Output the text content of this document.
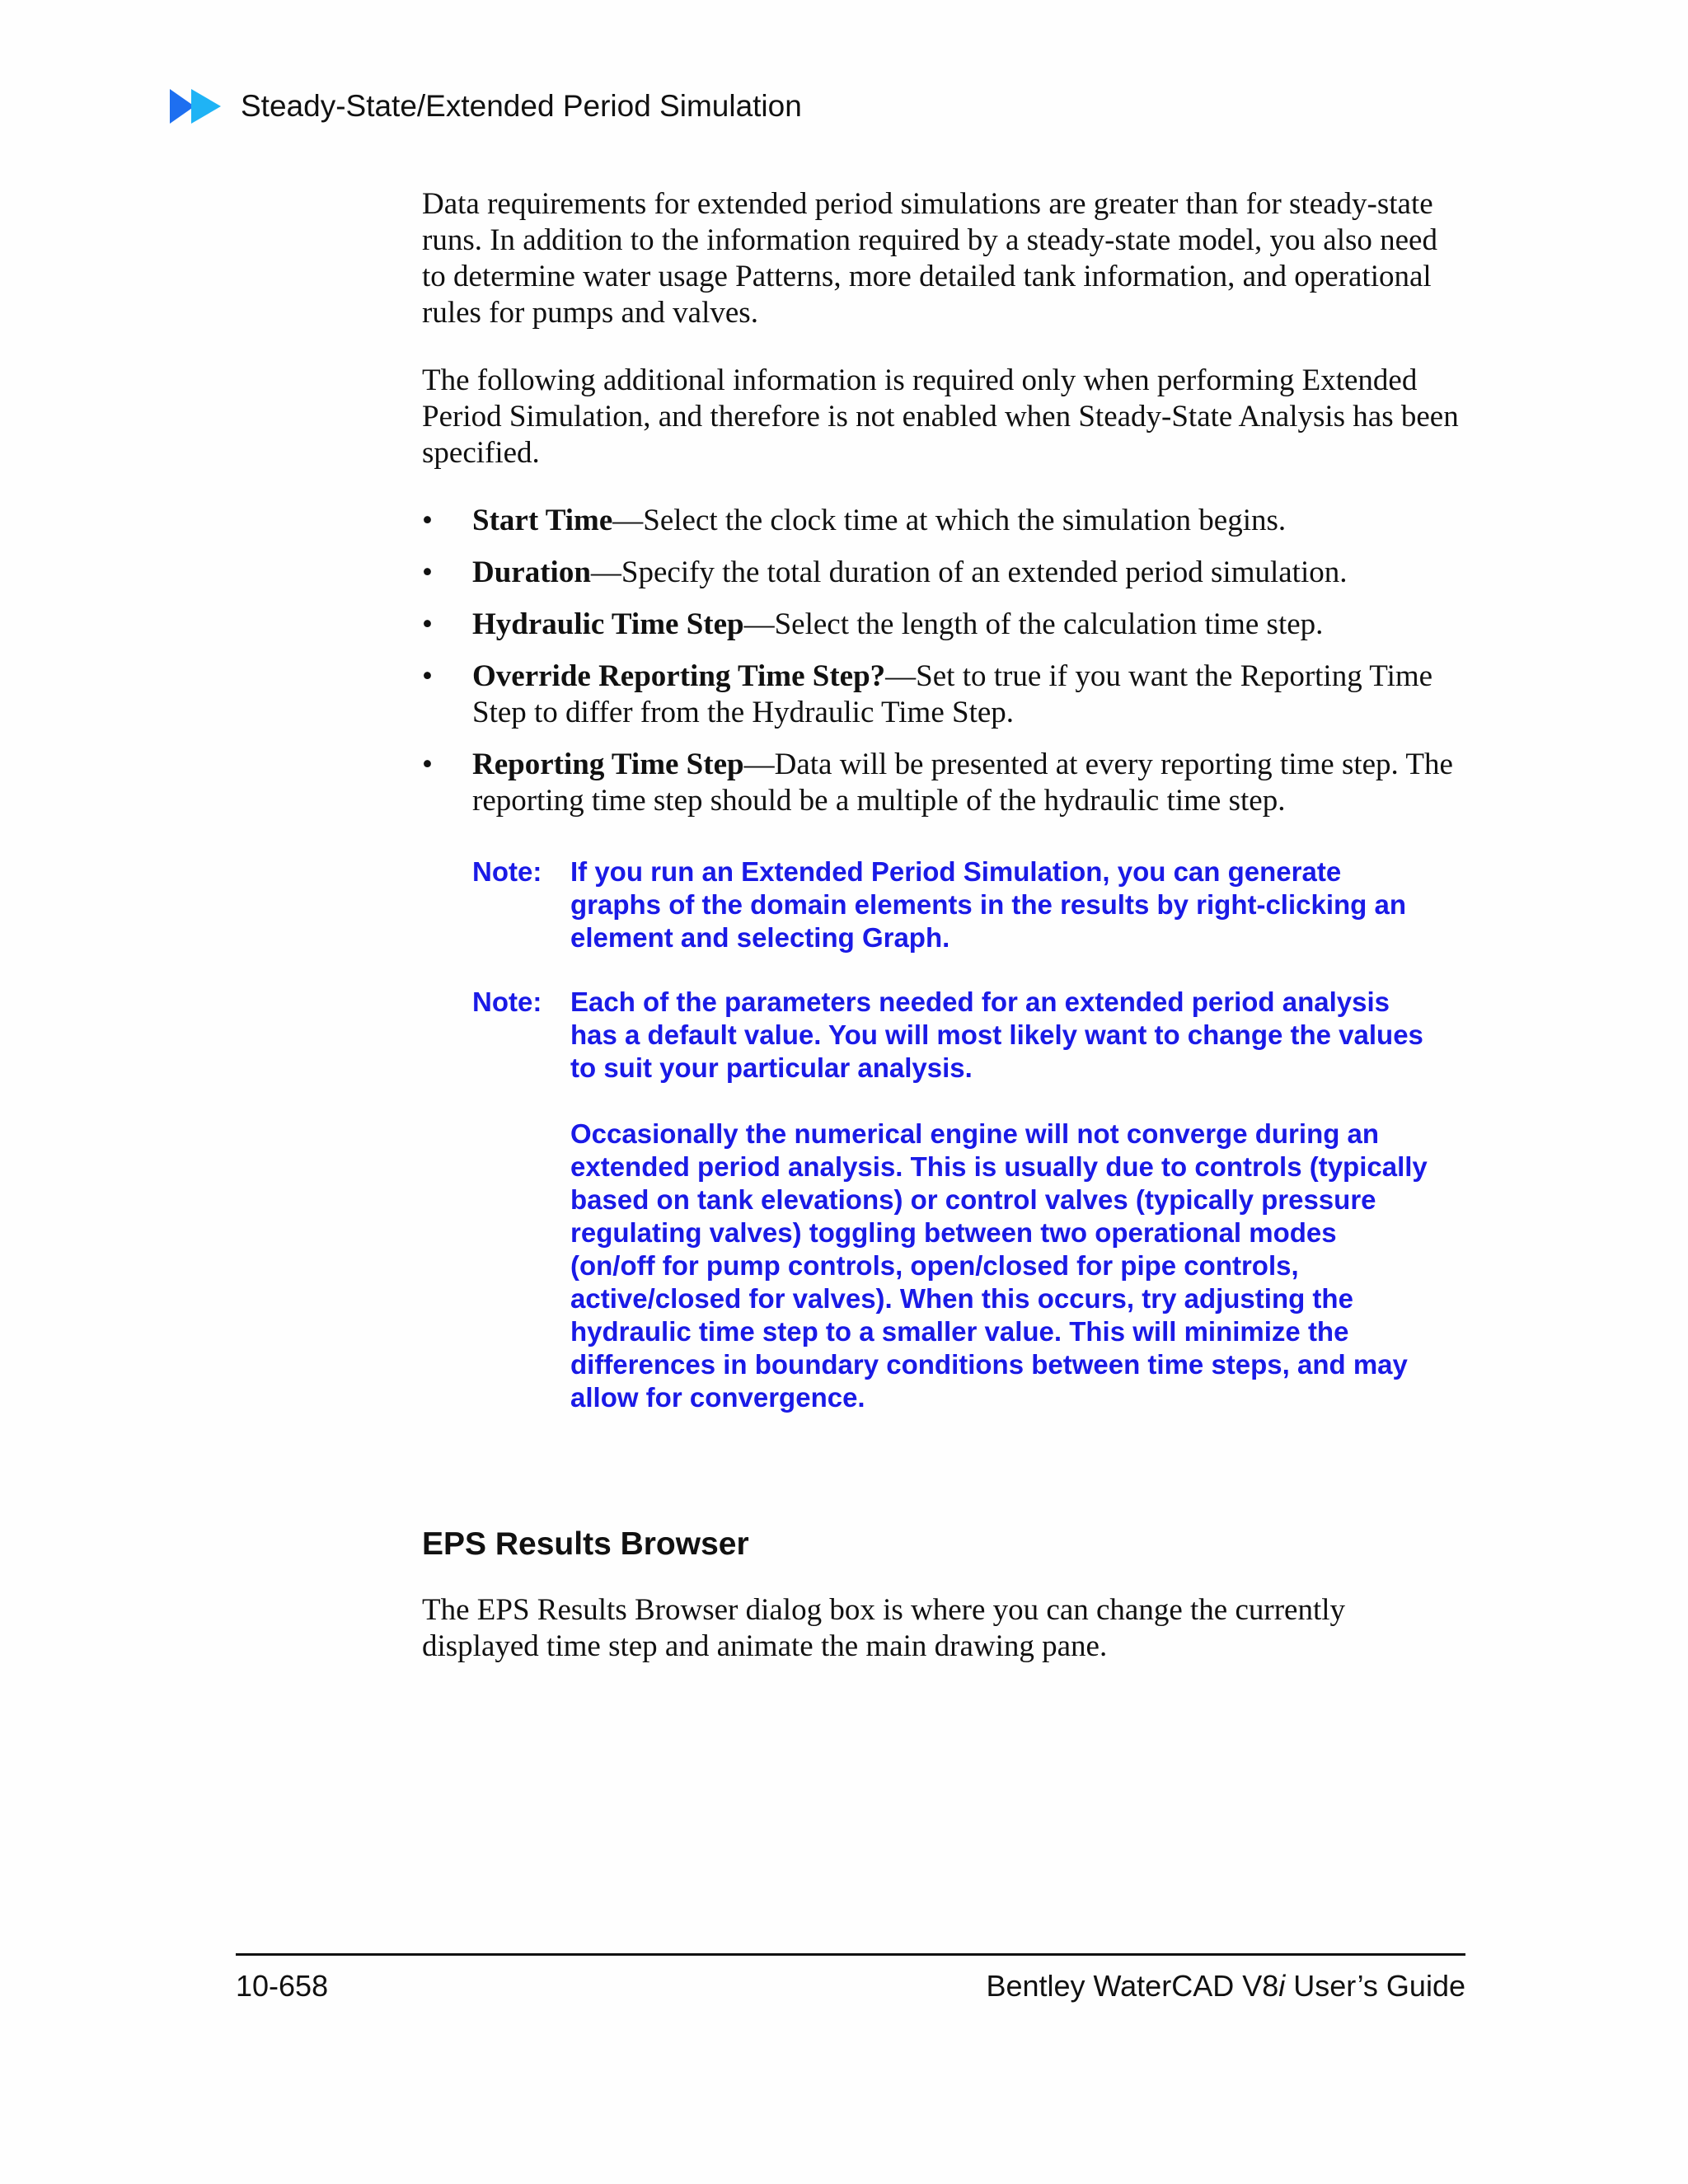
Steady-State/Extended Period Simulation

Data requirements for extended period simulations are greater than for steady-state runs. In addition to the information required by a steady-state model, you also need to determine water usage Patterns, more detailed tank information, and operational rules for pumps and valves.

The following additional information is required only when performing Extended Period Simulation, and therefore is not enabled when Steady-State Analysis has been specified.

• Start Time—Select the clock time at which the simulation begins.
• Duration—Specify the total duration of an extended period simulation.
• Hydraulic Time Step—Select the length of the calculation time step.
• Override Reporting Time Step?—Set to true if you want the Reporting Time Step to differ from the Hydraulic Time Step.
• Reporting Time Step—Data will be presented at every reporting time step. The reporting time step should be a multiple of the hydraulic time step.
Note:	If you run an Extended Period Simulation, you can generate graphs of the domain elements in the results by right-clicking an element and selecting Graph.

Note:	Each of the parameters needed for an extended period analysis has a default value. You will most likely want to change the values to suit your particular analysis.

Occasionally the numerical engine will not converge during an extended period analysis. This is usually due to controls (typically based on tank elevations) or control valves (typically pressure regulating valves) toggling between two operational modes (on/off for pump controls, open/closed for pipe controls, active/closed for valves). When this occurs, try adjusting the hydraulic time step to a smaller value. This will minimize the differences in boundary conditions between time steps, and may allow for convergence.

EPS Results Browser

The EPS Results Browser dialog box is where you can change the currently displayed time step and animate the main drawing pane.

10-658	Bentley WaterCAD V8i User’s Guide
